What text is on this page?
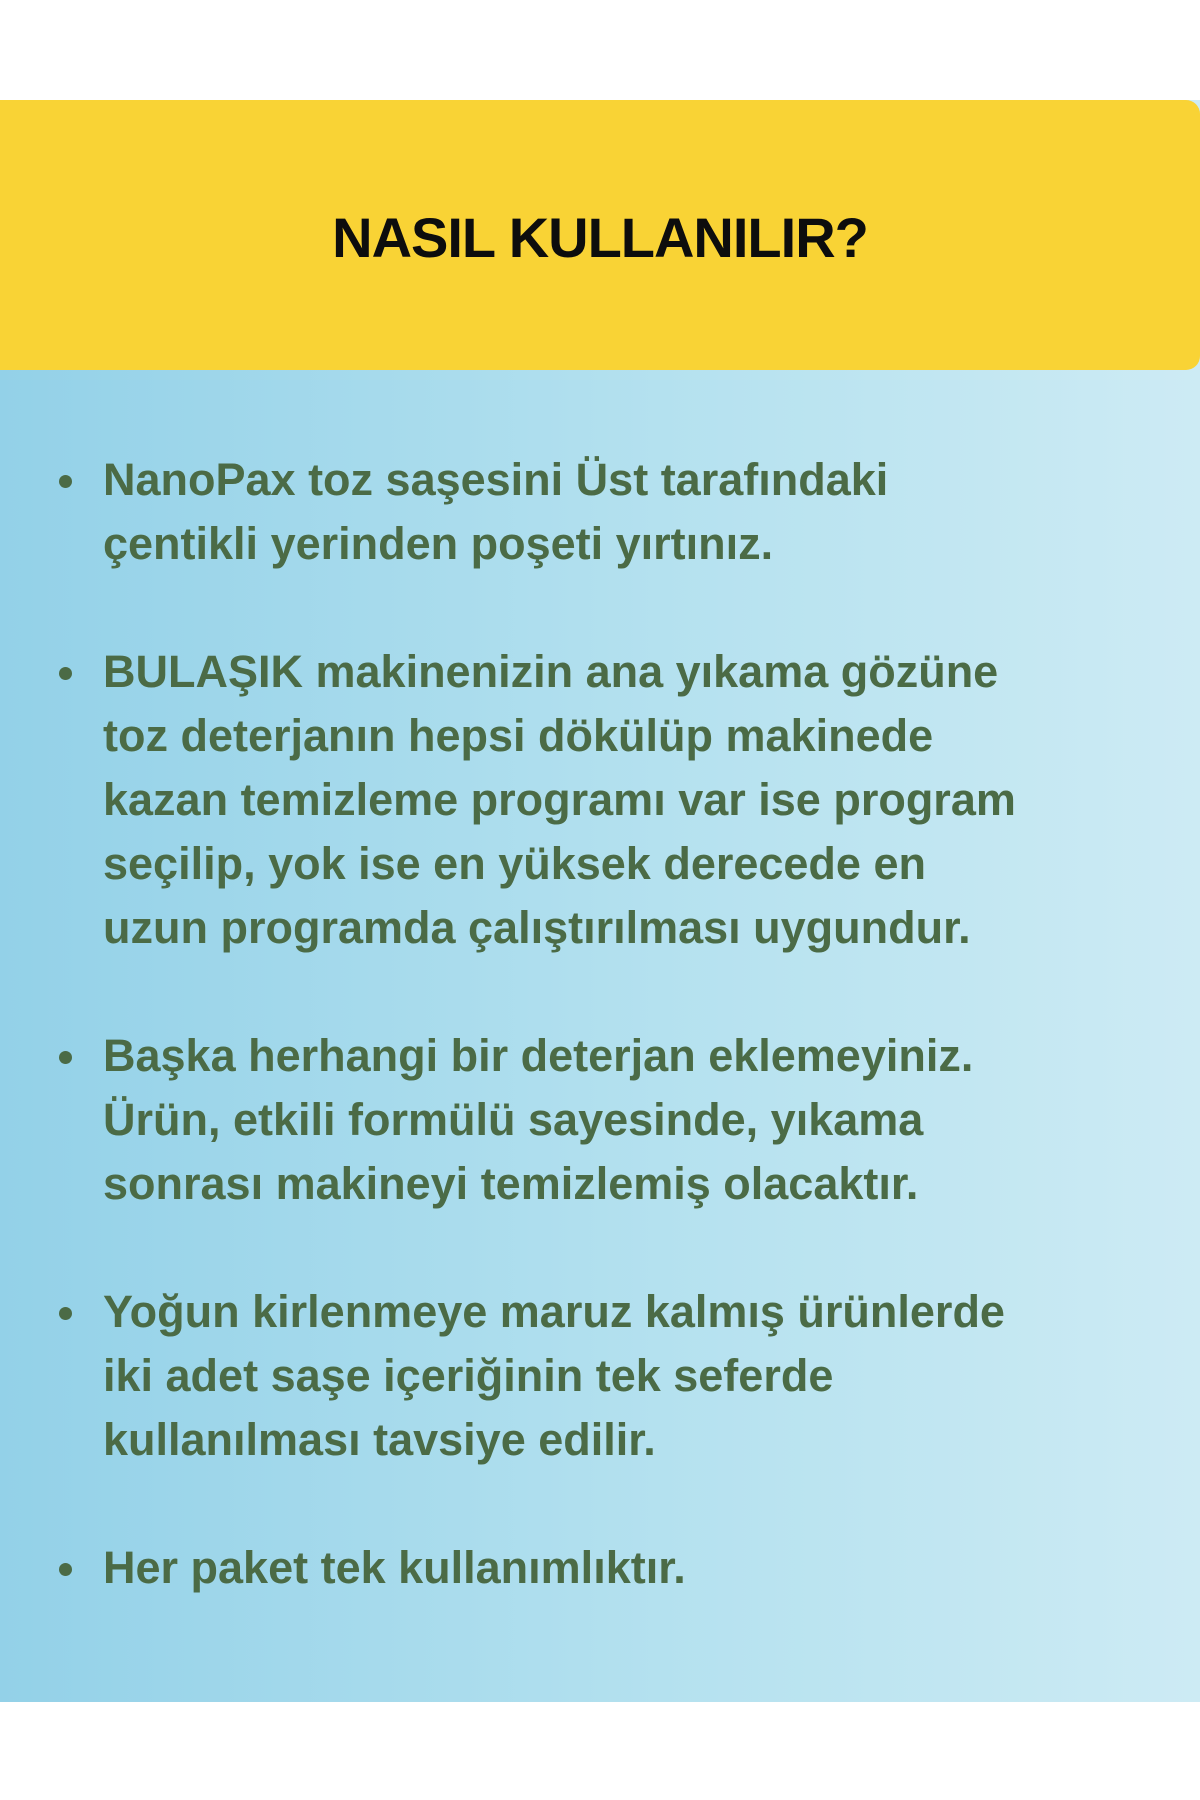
NASIL KULLANILIR?
NanoPax toz saşesini Üst tarafındaki
çentikli yerinden poşeti yırtınız.
BULAŞIK makinenizin ana yıkama gözüne
toz deterjanın hepsi dökülüp makinede
kazan temizleme programı var ise program
seçilip, yok ise en yüksek derecede en
uzun programda çalıştırılması uygundur.
Başka herhangi bir deterjan eklemeyiniz.
Ürün, etkili formülü sayesinde, yıkama
sonrası makineyi temizlemiş olacaktır.
Yoğun kirlenmeye maruz kalmış ürünlerde
iki adet saşe içeriğinin tek seferde
kullanılması tavsiye edilir.
Her paket tek kullanımlıktır.
